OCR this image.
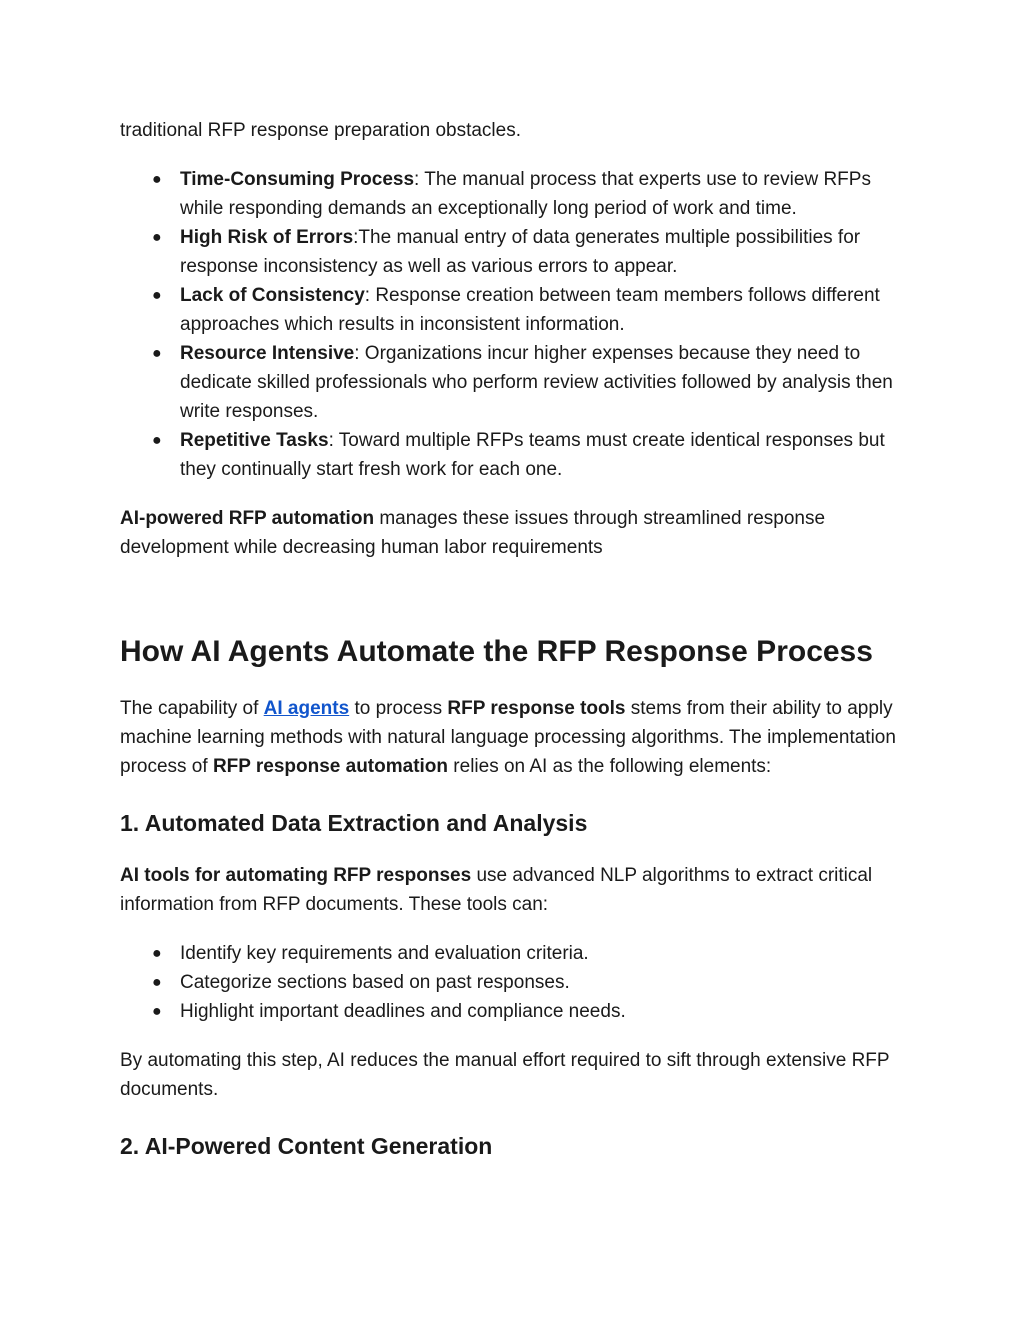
traditional RFP response preparation obstacles.

● Time-Consuming Process: The manual process that experts use to review RFPs while responding demands an exceptionally long period of work and time.
● High Risk of Errors:The manual entry of data generates multiple possibilities for response inconsistency as well as various errors to appear.
● Lack of Consistency: Response creation between team members follows different approaches which results in inconsistent information.
● Resource Intensive: Organizations incur higher expenses because they need to dedicate skilled professionals who perform review activities followed by analysis then write responses.
● Repetitive Tasks: Toward multiple RFPs teams must create identical responses but they continually start fresh work for each one.

AI-powered RFP automation manages these issues through streamlined response development while decreasing human labor requirements

How AI Agents Automate the RFP Response Process

The capability of AI agents to process RFP response tools stems from their ability to apply machine learning methods with natural language processing algorithms. The implementation process of RFP response automation relies on AI as the following elements:

1. Automated Data Extraction and Analysis

AI tools for automating RFP responses use advanced NLP algorithms to extract critical information from RFP documents. These tools can:

● Identify key requirements and evaluation criteria.
● Categorize sections based on past responses.
● Highlight important deadlines and compliance needs.

By automating this step, AI reduces the manual effort required to sift through extensive RFP documents.

2. AI-Powered Content Generation
